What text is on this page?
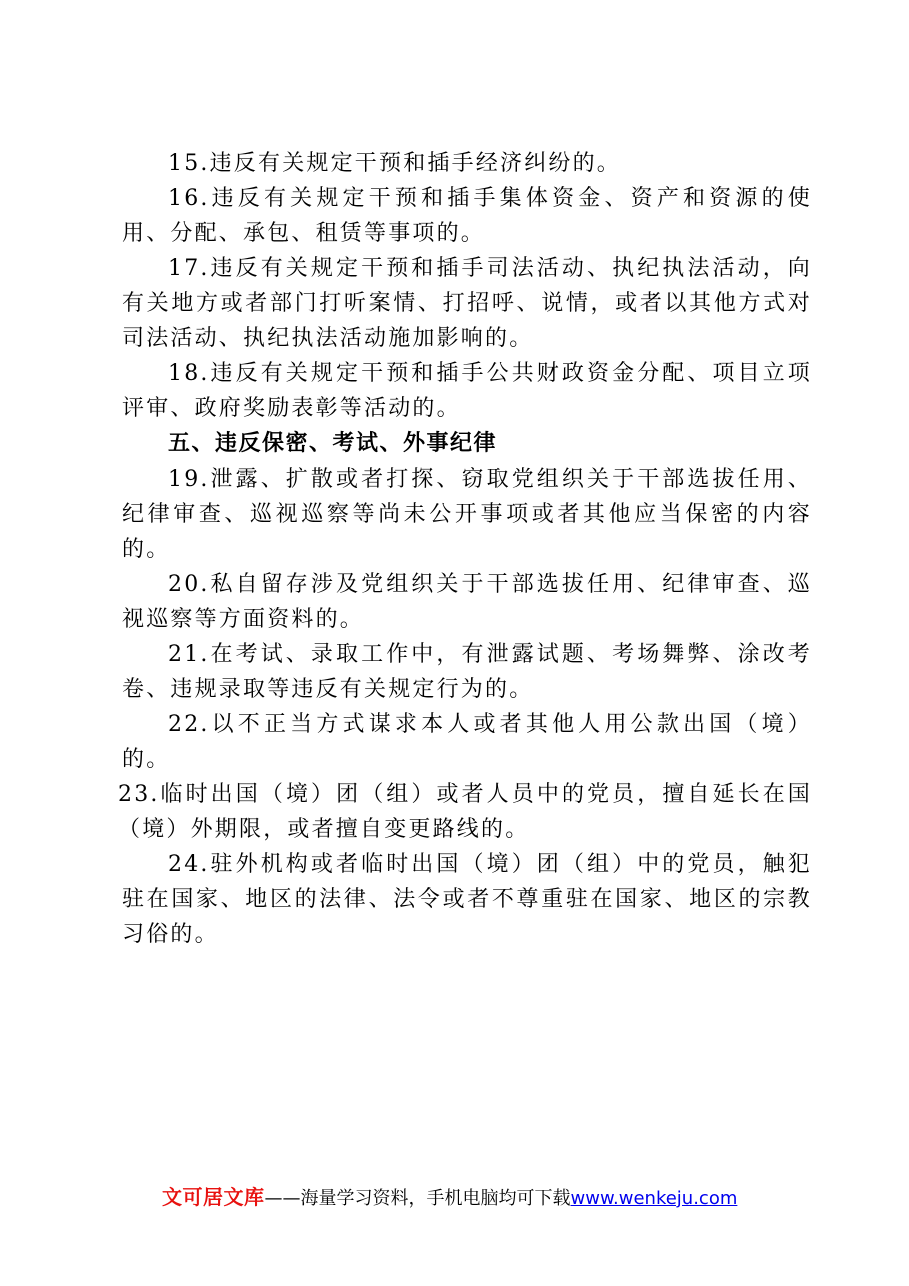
15.违反有关规定干预和插手经济纠纷的。

16.违反有关规定干预和插手集体资金、资产和资源的使用、分配、承包、租赁等事项的。

17.违反有关规定干预和插手司法活动、执纪执法活动，向有关地方或者部门打听案情、打招呼、说情，或者以其他方式对司法活动、执纪执法活动施加影响的。

18.违反有关规定干预和插手公共财政资金分配、项目立项评审、政府奖励表彰等活动的。

五、违反保密、考试、外事纪律

19.泄露、扩散或者打探、窃取党组织关于干部选拔任用、纪律审查、巡视巡察等尚未公开事项或者其他应当保密的内容的。

20.私自留存涉及党组织关于干部选拔任用、纪律审查、巡视巡察等方面资料的。

21.在考试、录取工作中，有泄露试题、考场舞弊、涂改考卷、违规录取等违反有关规定行为的。

22.以不正当方式谋求本人或者其他人用公款出国（境）的。

23.临时出国（境）团（组）或者人员中的党员，擅自延长在国（境）外期限，或者擅自变更路线的。

24.驻外机构或者临时出国（境）团（组）中的党员，触犯驻在国家、地区的法律、法令或者不尊重驻在国家、地区的宗教习俗的。

文可居文库——海量学习资料，手机电脑均可下载www.wenkeju.com
